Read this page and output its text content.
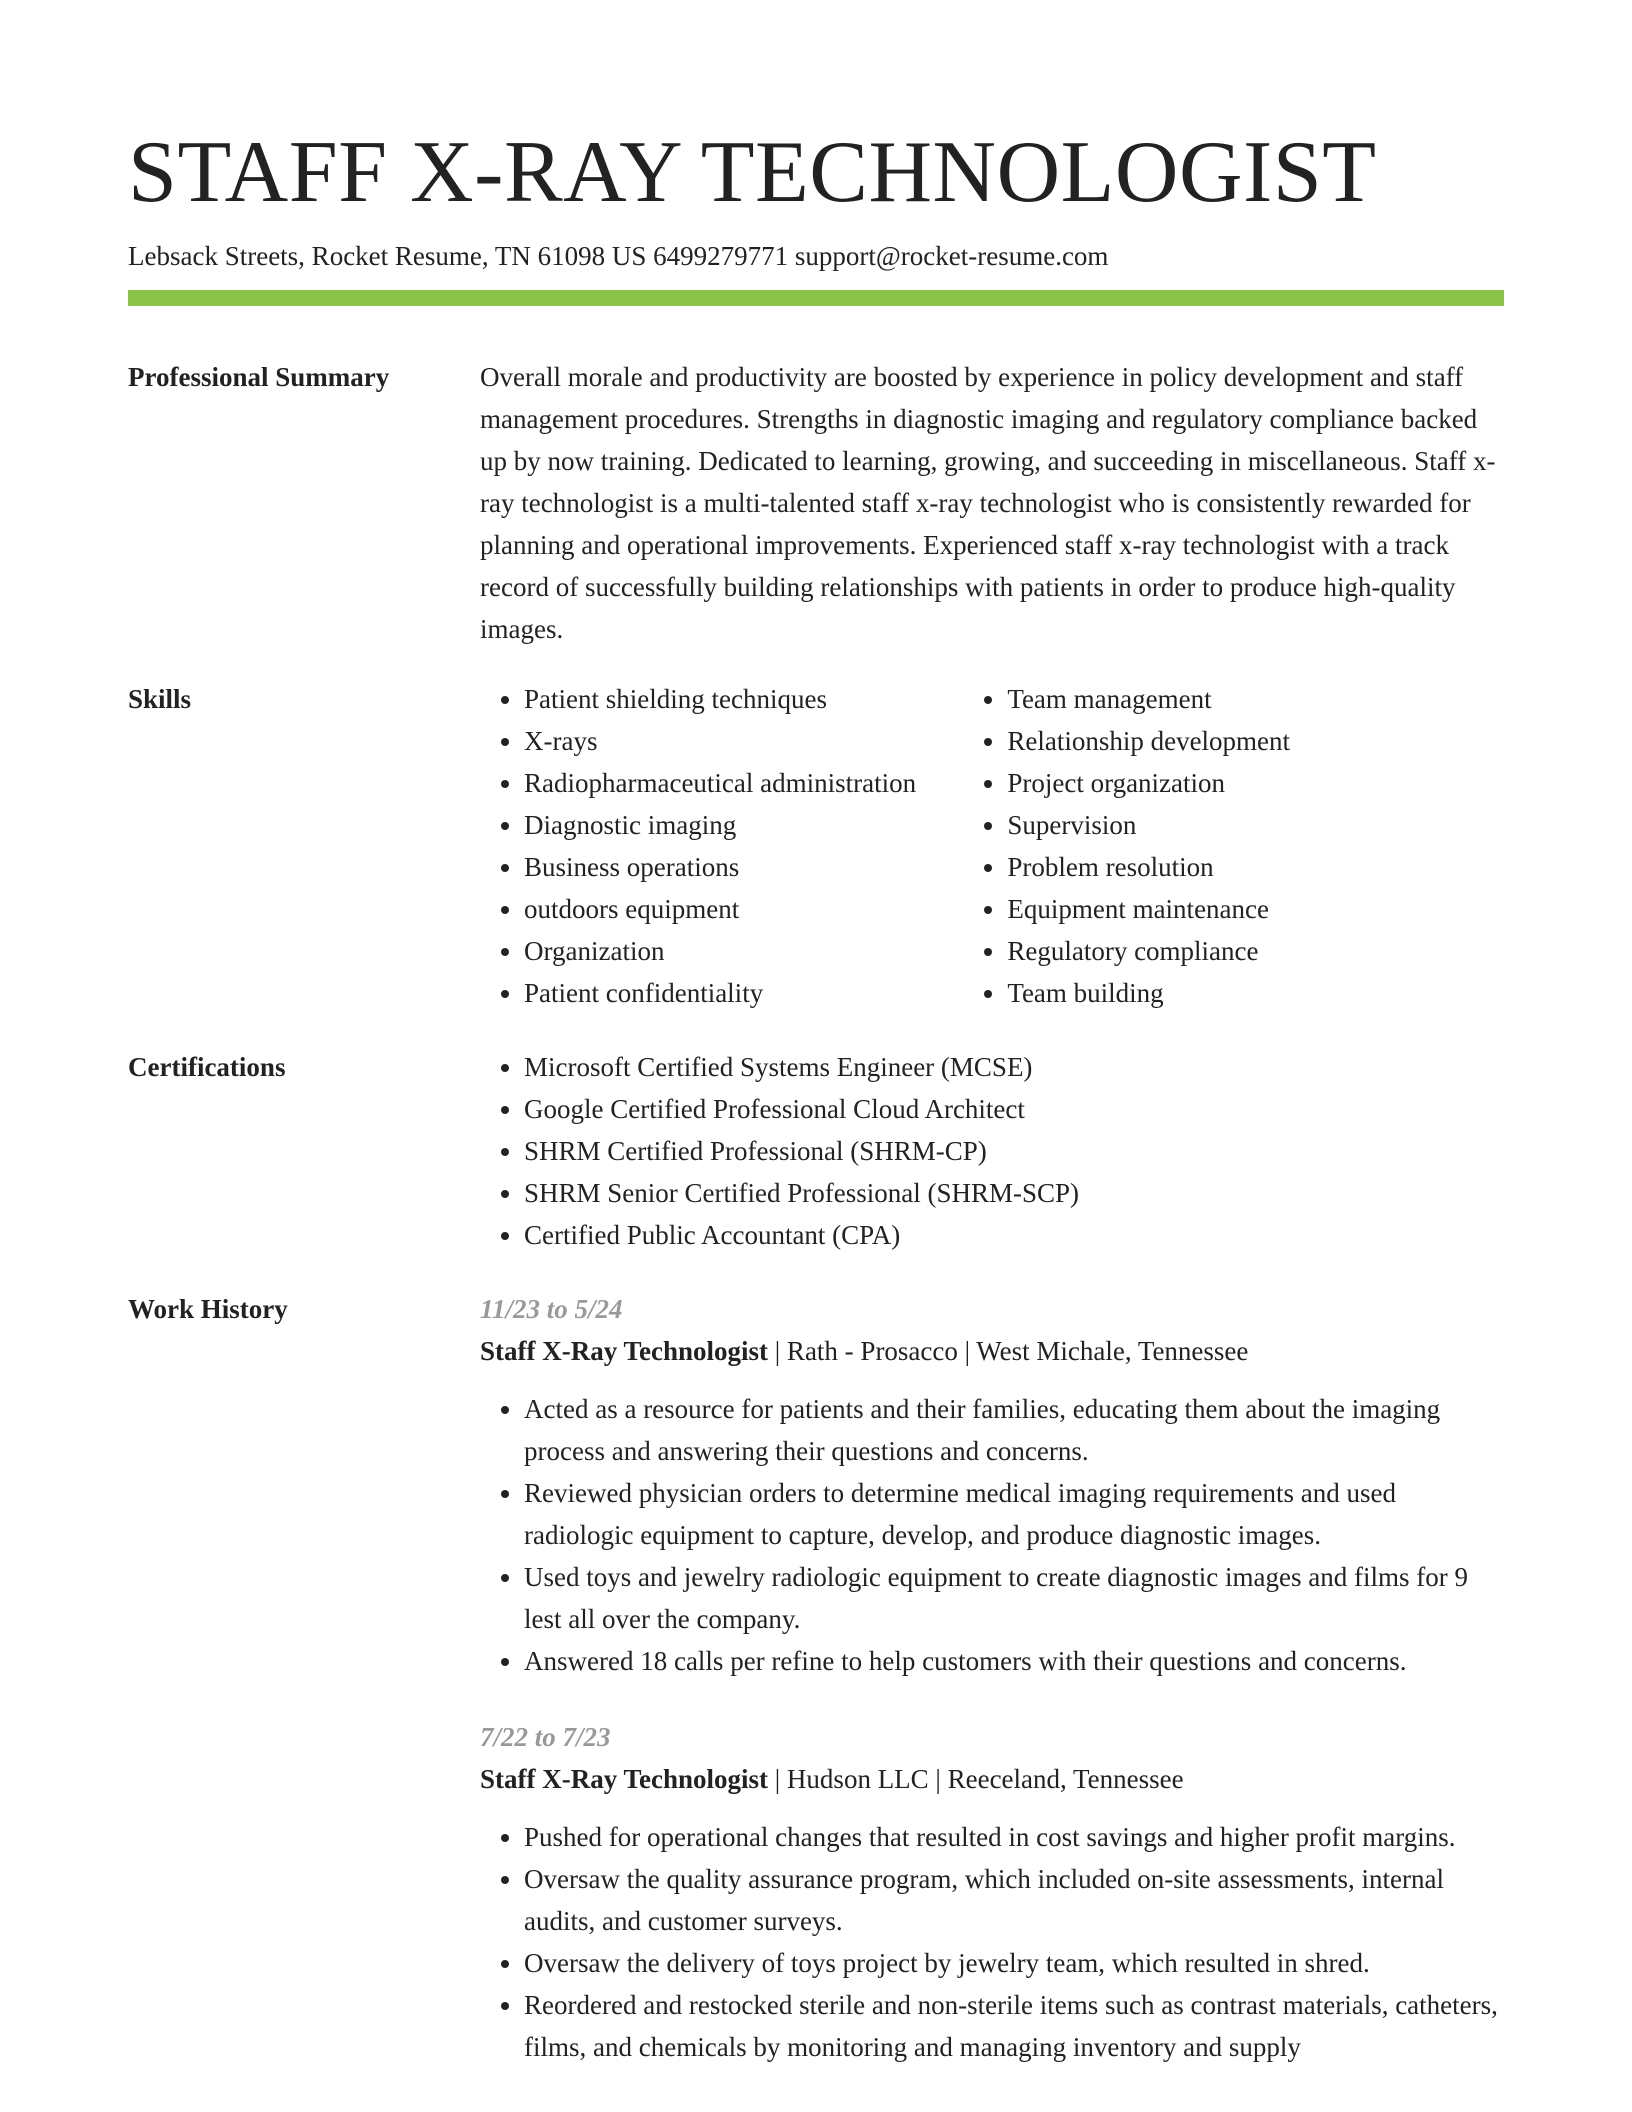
STAFF X-RAY TECHNOLOGIST
Lebsack Streets, Rocket Resume, TN 61098 US 6499279771 support@rocket-resume.com
Professional Summary	Overall morale and productivity are boosted by experience in policy development and staff management procedures. Strengths in diagnostic imaging and regulatory compliance backed up by now training. Dedicated to learning, growing, and succeeding in miscellaneous. Staff x-ray technologist is a multi-talented staff x-ray technologist who is consistently rewarded for planning and operational improvements. Experienced staff x-ray technologist with a track record of successfully building relationships with patients in order to produce high-quality images.

Skills	• Patient shielding techniques
• X-rays
• Radiopharmaceutical administration
• Diagnostic imaging
• Business operations
• outdoors equipment
• Organization
• Patient confidentiality
• Team management
• Relationship development
• Project organization
• Supervision
• Problem resolution
• Equipment maintenance
• Regulatory compliance
• Team building
Certifications	• Microsoft Certified Systems Engineer (MCSE)
• Google Certified Professional Cloud Architect
• SHRM Certified Professional (SHRM-CP)
• SHRM Senior Certified Professional (SHRM-SCP)
• Certified Public Accountant (CPA)
Work History	11/23 to 5/24
Staff X-Ray Technologist | Rath - Prosacco | West Michale, Tennessee
• Acted as a resource for patients and their families, educating them about the imaging process and answering their questions and concerns.
• Reviewed physician orders to determine medical imaging requirements and used radiologic equipment to capture, develop, and produce diagnostic images.
• Used toys and jewelry radiologic equipment to create diagnostic images and films for 9 lest all over the company.
• Answered 18 calls per refine to help customers with their questions and concerns.
7/22 to 7/23
Staff X-Ray Technologist | Hudson LLC | Reeceland, Tennessee
• Pushed for operational changes that resulted in cost savings and higher profit margins.
• Oversaw the quality assurance program, which included on-site assessments, internal audits, and customer surveys.
• Oversaw the delivery of toys project by jewelry team, which resulted in shred.
• Reordered and restocked sterile and non-sterile items such as contrast materials, catheters, films, and chemicals by monitoring and managing inventory and supply
